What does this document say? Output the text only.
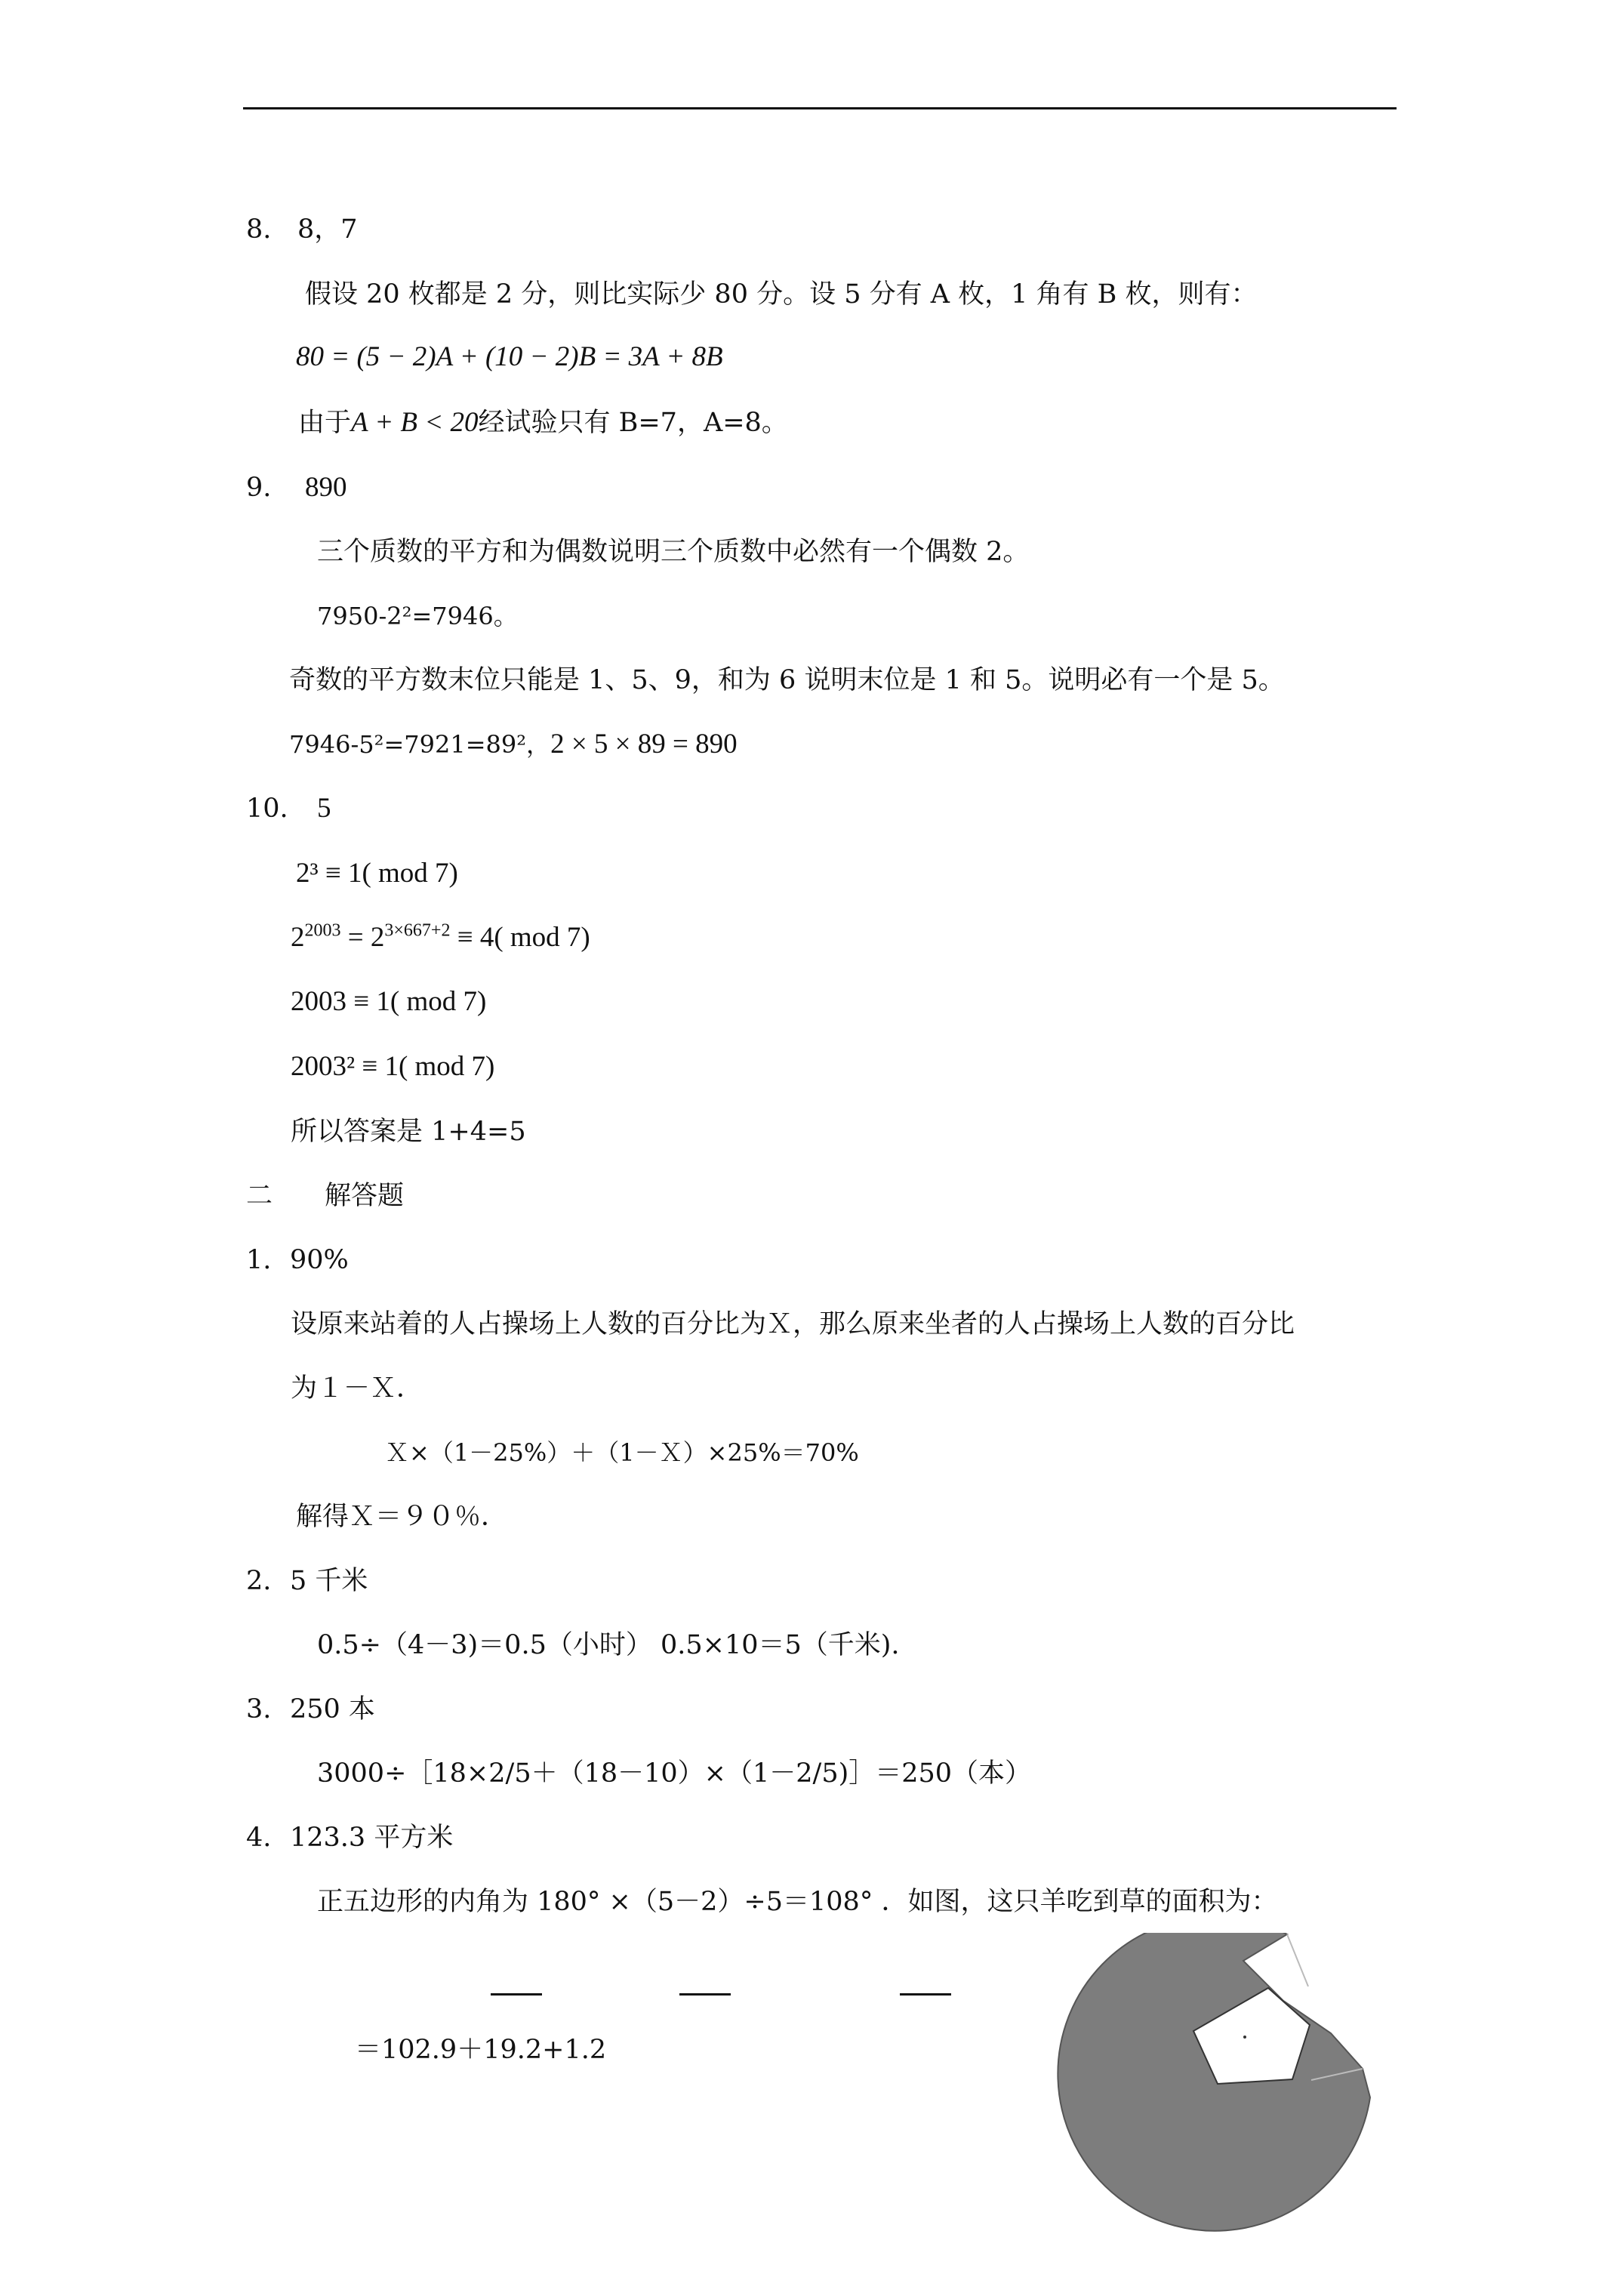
8. 8，7
假设 20 枚都是 2 分，则比实际少 80 分。设 5 分有 A 枚，1 角有 B 枚，则有：
80 = (5 − 2)A + (10 − 2)B = 3A + 8B
由于A + B < 20经试验只有 B=7，A=8。
9. 890
三个质数的平方和为偶数说明三个质数中必然有一个偶数 2。
7950-2²=7946。
奇数的平方数末位只能是 1、5、9，和为 6 说明末位是 1 和 5。说明必有一个是 5。
7946-5²=7921=89²，2 × 5 × 89 = 890
10. 5
2³ ≡ 1( mod 7)
$2^{2003} = 2^{3\times 667+2} \equiv 4$( mod 7)
2003 ≡ 1( mod 7)
2003² ≡ 1( mod 7)
所以答案是 1+4=5
二 解答题
1. 90%
设原来站着的人占操场上人数的百分比为Ｘ，那么原来坐者的人占操场上人数的百分比
为１－Ｘ．
Ｘ×（1－25%）＋（1－Ｘ）×25%＝70%
解得Ｘ＝９０％．
2. 5 千米
0.5÷（4－3)＝0.5（小时） 0.5×10＝5（千米).
3. 250 本
3000÷［18×2/5＋（18－10）×（1－2/5)］＝250（本）
4. 123.3 平方米
正五边形的内角为 180° ×（5－2）÷5＝108° ．如图，这只羊吃到草的面积为：
＝102.9＋19.2+1.2
